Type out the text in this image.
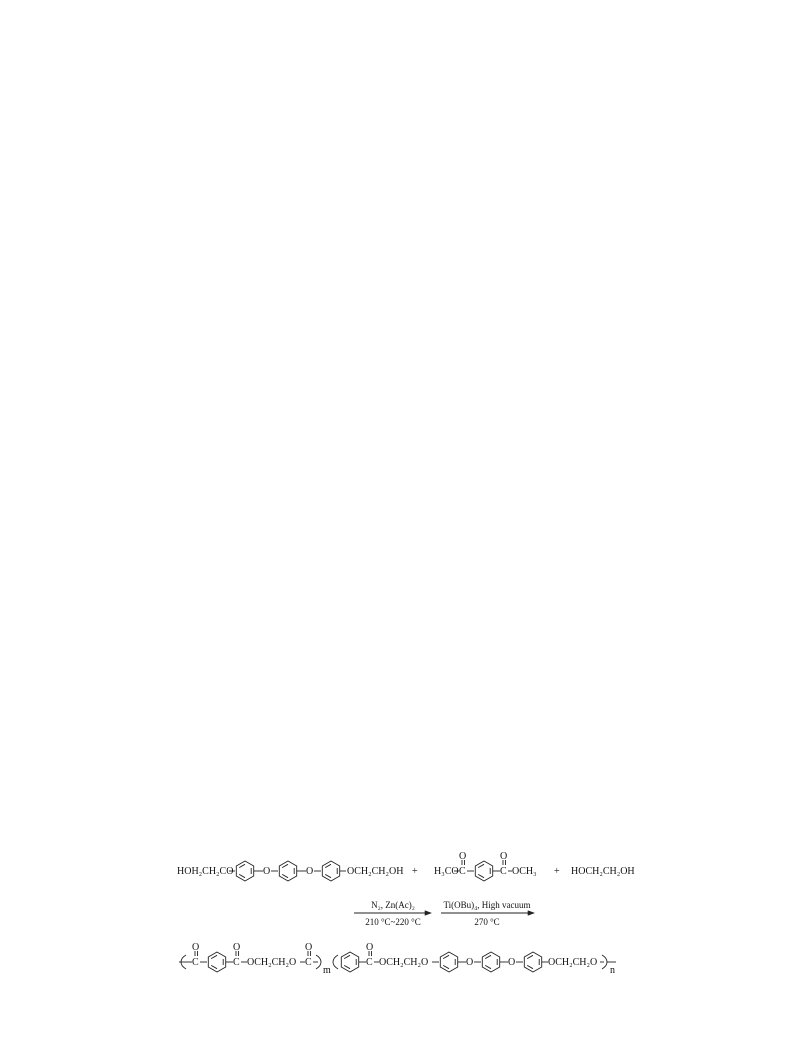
HOH₂CH₂CO	O	O	OCH₂CH₂OH + H₃CO C
O
C
O
OCH₃ + HOCH₂CH₂OH
N₂, Zn(Ac)₂
210 °C~220 °C
Ti(OBu)₄, High vacuum
270 °C
C
O
C
O
OCH₂CH₂O C
O
m
C
O
OCH₂CH₂O	O	O	OCH₂CH₂O
n
